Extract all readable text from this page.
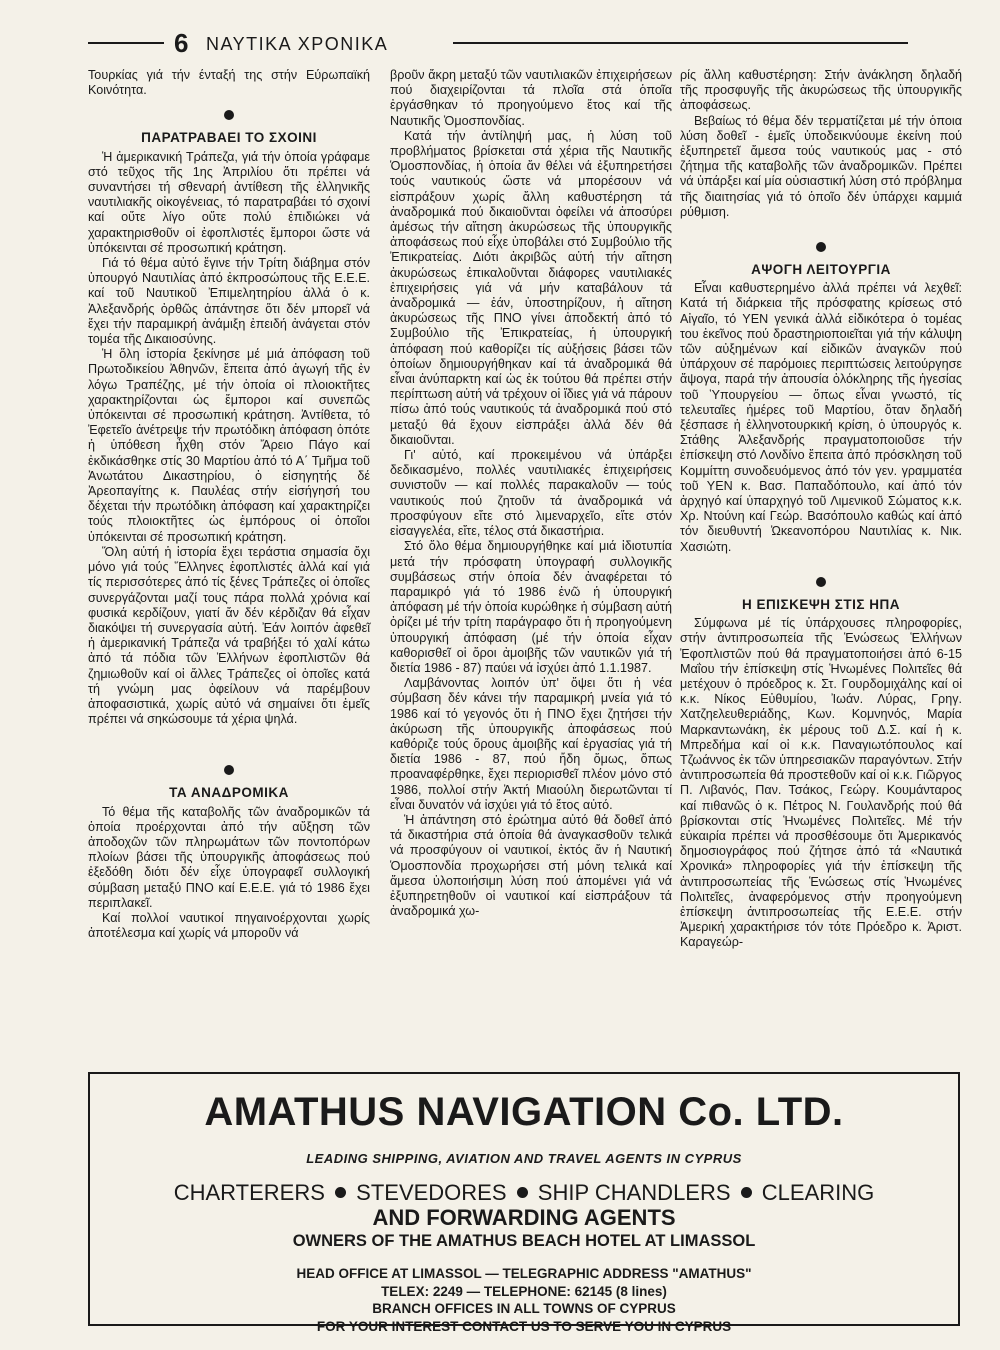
6 ΝΑΥΤΙΚΑ ΧΡΟΝΙΚΑ

Τουρκίας γιά τήν ένταξή της στήν Εύρωπαϊκή Κοινότητα.

ΠΑΡΑΤΡΑΒΑΕΙ ΤΟ ΣΧΟΙΝΙ

Ἡ ἀμερικανική Τράπεζα, γιά τήν ὁποία γράφαμε στό τεῦχος τῆς 1ης Ἀπριλίου ὅτι πρέπει νά συναντήσει τή σθεναρή ἀντίθεση τῆς ἑλληνικῆς ναυτιλιακῆς οἰκογένειας, τό παρατραβάει τό σχοινί καί οὔτε λίγο οὔτε πολύ ἐπιδιώκει νά χαρακτηρισθοῦν οἱ ἐφοπλιστές ἔμποροι ὥστε νά ὑπόκεινται σέ προσωπική κράτηση.

Γιά τό θέμα αὐτό ἔγινε τήν Τρίτη διάβημα στόν ὑπουργό Ναυτιλίας ἀπό ἐκπροσώπους τῆς Ε.Ε.Ε. καί τοῦ Ναυτικοῦ Ἐπιμελητηρίου ἀλλά ὁ κ. Ἀλεξανδρής ὀρθῶς ἀπάντησε ὅτι δέν μπορεῖ νά ἔχει τήν παραμικρή ἀνάμιξη ἐπειδή ἀνάγεται στόν τομέα τῆς Δικαιοσύνης.

Ἡ ὅλη ἱστορία ξεκίνησε μέ μιά ἀπόφαση τοῦ Πρωτοδικείου Ἀθηνῶν, ἔπειτα ἀπό ἀγωγή τῆς ἐν λόγω Τραπέζης, μέ τήν ὁποία οἱ πλοιοκτῆτες χαρακτηρίζονται ὡς ἔμποροι καί συνεπῶς ὑπόκεινται σέ προσωπική κράτηση. Ἀντίθετα, τό Ἐφετεῖο ἀνέτρεψε τήν πρωτόδικη ἀπόφαση ὁπότε ἡ ὑπόθεση ἦχθη στόν Ἄρειο Πάγο καί ἐκδικάσθηκε στίς 30 Μαρτίου ἀπό τό Α΄ Τμῆμα τοῦ Ἀνωτάτου Δικαστηρίου, ὁ εἰσηγητής δέ Ἀρεοπαγίτης κ. Παυλέας στήν εἰσήγησή του δέχεται τήν πρωτόδικη ἀπόφαση καί χαρακτηρίζει τούς πλοιοκτῆτες ὡς ἐμπόρους οἱ ὁποῖοι ὑπόκεινται σέ προσωπική κράτηση.

Ὅλη αὐτή ἡ ἱστορία ἔχει τεράστια σημασία ὄχι μόνο γιά τούς Ἕλληνες ἐφοπλιστές ἀλλά καί γιά τίς περισσότερες ἀπό τίς ξένες Τράπεζες οἱ ὁποῖες συνεργάζονται μαζί τους πάρα πολλά χρόνια καί φυσικά κερδίζουν, γιατί ἄν δέν κέρδιζαν θά εἶχαν διακόψει τή συνεργασία αὐτή. Ἐάν λοιπόν ἀφεθεῖ ἡ ἀμερικανική Τράπεζα νά τραβήξει τό χαλί κάτω ἀπό τά πόδια τῶν Ἑλλήνων ἐφοπλιστῶν θά ζημιωθοῦν καί οἱ ἄλλες Τράπεζες οἱ ὁποῖες κατά τή γνώμη μας ὀφείλουν νά παρέμβουν ἀποφασιστικά, χωρίς αὐτό νά σημαίνει ὅτι ἐμεῖς πρέπει νά σηκώσουμε τά χέρια ψηλά.

ΤΑ ΑΝΑΔΡΟΜΙΚΑ

Τό θέμα τῆς καταβολῆς τῶν ἀναδρομικῶν τά ὁποία προέρχονται ἀπό τήν αὔξηση τῶν ἀποδοχῶν τῶν πληρωμάτων τῶν ποντοπόρων πλοίων βάσει τῆς ὑπουργικῆς ἀποφάσεως πού ἐξεδόθη διότι δέν εἶχε ὑπογραφεῖ συλλογική σύμβαση μεταξύ ΠΝΟ καί Ε.Ε.Ε. γιά τό 1986 ἔχει περιπλακεῖ.

Καί πολλοί ναυτικοί πηγαινοέρχονται χωρίς ἀποτέλεσμα καί χωρίς νά μποροῦν νά

βροῦν ἄκρη μεταξύ τῶν ναυτιλιακῶν ἐπιχειρήσεων πού διαχειρίζονται τά πλοῖα στά ὁποῖα ἐργάσθηκαν τό προηγούμενο ἔτος καί τῆς Ναυτικῆς Ὁμοσπονδίας.

Κατά τήν ἀντίληψή μας, ἡ λύση τοῦ προβλήματος βρίσκεται στά χέρια τῆς Ναυτικῆς Ὁμοσπονδίας, ἡ ὁποία ἄν θέλει νά ἐξυπηρετήσει τούς ναυτικούς ὥστε νά μπορέσουν νά εἰσπράξουν χωρίς ἄλλη καθυστέρηση τά ἀναδρομικά πού δικαιοῦνται ὀφείλει νά ἀποσύρει ἀμέσως τήν αἴτηση ἀκυρώσεως τῆς ὑπουργικῆς ἀποφάσεως πού εἶχε ὑποβάλει στό Συμβούλιο τῆς Ἐπικρατείας. Διότι ἀκριβῶς αὐτή τήν αἴτηση ἀκυρώσεως ἐπικαλοῦνται διάφορες ναυτιλιακές ἐπιχειρήσεις γιά νά μήν καταβάλουν τά ἀναδρομικά — ἐάν, ὑποστηρίζουν, ἡ αἴτηση ἀκυρώσεως τῆς ΠΝΟ γίνει ἀποδεκτή ἀπό τό Συμβούλιο τῆς Ἐπικρατείας, ἡ ὑπουργική ἀπόφαση πού καθορίζει τίς αὐξήσεις βάσει τῶν ὁποίων δημιουργήθηκαν καί τά ἀναδρομικά θά εἶναι ἀνύπαρκτη καί ὡς ἐκ τούτου θά πρέπει στήν περίπτωση αὐτή νά τρέχουν οἱ ἴδιες γιά νά πάρουν πίσω ἀπό τούς ναυτικούς τά ἀναδρομικά πού στό μεταξύ θά ἔχουν εἰσπράξει ἀλλά δέν θά δικαιοῦνται.

Γι' αὐτό, καί προκειμένου νά ὑπάρξει δεδικασμένο, πολλές ναυτιλιακές ἐπιχειρήσεις συνιστοῦν — καί πολλές παρακαλοῦν — τούς ναυτικούς πού ζητοῦν τά ἀναδρομικά νά προσφύγουν εἴτε στό λιμεναρχεῖο, εἴτε στόν εἰσαγγελέα, εἴτε, τέλος στά δικαστήρια.

Στό ὅλο θέμα δημιουργήθηκε καί μιά ἰδιοτυπία μετά τήν πρόσφατη ὑπογραφή συλλογικῆς συμβάσεως στήν ὁποία δέν ἀναφέρεται τό παραμικρό γιά τό 1986 ἐνῶ ἡ ὑπουργική ἀπόφαση μέ τήν ὁποία κυρώθηκε ἡ σύμβαση αὐτή ὁρίζει μέ τήν τρίτη παράγραφο ὅτι ἡ προηγούμενη ὑπουργική ἀπόφαση (μέ τήν ὁποία εἶχαν καθορισθεῖ οἱ ὅροι ἀμοιβῆς τῶν ναυτικῶν γιά τή διετία 1986 - 87) παύει νά ἰσχύει ἀπό 1.1.1987.

Λαμβάνοντας λοιπόν ὑπ' ὄψει ὅτι ἡ νέα σύμβαση δέν κάνει τήν παραμικρή μνεία γιά τό 1986 καί τό γεγονός ὅτι ἡ ΠΝΟ ἔχει ζητήσει τήν ἀκύρωση τῆς ὑπουργικῆς ἀποφάσεως πού καθόριζε τούς ὅρους ἀμοιβῆς καί ἐργασίας γιά τή διετία 1986 - 87, πού ἤδη ὅμως, ὅπως προαναφέρθηκε, ἔχει περιορισθεῖ πλέον μόνο στό 1986, πολλοί στήν Ἀκτή Μιαούλη διερωτῶνται τί εἶναι δυνατόν νά ἰσχύει γιά τό ἔτος αὐτό.

Ἡ ἀπάντηση στό ἐρώτημα αὐτό θά δοθεῖ ἀπό τά δικαστήρια στά ὁποία θά ἀναγκασθοῦν τελικά νά προσφύγουν οἱ ναυτικοί, ἐκτός ἄν ἡ Ναυτική Ὁμοσπονδία προχωρήσει στή μόνη τελικά καί ἄμεσα ὑλοποιήσιμη λύση πού ἀπομένει γιά νά ἐξυπηρετηθοῦν οἱ ναυτικοί καί εἰσπράξουν τά ἀναδρομικά χω-

ρίς ἄλλη καθυστέρηση: Στήν ἀνάκληση δηλαδή τῆς προσφυγῆς τῆς ἀκυρώσεως τῆς ὑπουργικῆς ἀποφάσεως.

Βεβαίως τό θέμα δέν τερματίζεται μέ τήν ὁποια λύση δοθεῖ - ἐμεῖς ὑποδεικνύουμε ἐκείνη πού ἐξυπηρετεῖ ἄμεσα τούς ναυτικούς μας - στό ζήτημα τῆς καταβολῆς τῶν ἀναδρομικῶν. Πρέπει νά ὑπάρξει καί μία οὐσιαστική λύση στό πρόβλημα τῆς διαιτησίας γιά τό ὁποῖο δέν ὑπάρχει καμμιά ρύθμιση.

ΑΨΟΓΗ ΛΕΙΤΟΥΡΓΙΑ

Εἶναι καθυστερημένο ἀλλά πρέπει νά λεχθεῖ: Κατά τή διάρκεια τῆς πρόσφατης κρίσεως στό Αἰγαῖο, τό ΥΕΝ γενικά ἀλλά εἰδικότερα ὁ τομέας του ἐκεῖνος πού δραστηριοποιεῖται γιά τήν κάλυψη τῶν αὐξημένων καί εἰδικῶν ἀναγκῶν πού ὑπάρχουν σέ παρόμοιες περιπτώσεις λειτούργησε ἄψογα, παρά τήν ἀπουσία ὁλόκληρης τῆς ἡγεσίας τοῦ Ὑπουργείου — ὅπως εἶναι γνωστό, τίς τελευταῖες ἡμέρες τοῦ Μαρτίου, ὅταν δηλαδή ξέσπασε ἡ ἑλληνοτουρκική κρίση, ὁ ὑπουργός κ. Στάθης Ἀλεξανδρής πραγματοποιοῦσε τήν ἐπίσκεψη στό Λονδίνο ἔπειτα ἀπό πρόσκληση τοῦ Κομμίττη συνοδευόμενος ἀπό τόν γεν. γραμματέα τοῦ ΥΕΝ κ. Βασ. Παπαδόπουλο, καί ἀπό τόν ἀρχηγό καί ὑπαρχηγό τοῦ Λιμενικοῦ Σώματος κ.κ. Χρ. Ντούνη καί Γεώρ. Βασόπουλο καθώς καί ἀπό τόν διευθυντή Ὠκεανοπόρου Ναυτιλίας κ. Νικ. Χασιώτη.

Η ΕΠΙΣΚΕΨΗ ΣΤΙΣ ΗΠΑ

Σύμφωνα μέ τίς ὑπάρχουσες πληροφορίες, στήν ἀντιπροσωπεία τῆς Ἑνώσεως Ἑλλήνων Ἐφοπλιστῶν πού θά πραγματοποιήσει ἀπό 6-15 Μαΐου τήν ἐπίσκεψη στίς Ἡνωμένες Πολιτεῖες θά μετέχουν ὁ πρόεδρος κ. Στ. Γουρδομιχάλης καί οἱ κ.κ. Νίκος Εὐθυμίου, Ἰωάν. Λύρας, Γρηγ. Χατζηελευθεριάδης, Κων. Κομνηνός, Μαρία Μαρκαντωνάκη, ἐκ μέρους τοῦ Δ.Σ. καί ἡ κ. Μπρεδήμα καί οἱ κ.κ. Παναγιωτόπουλος καί Τζωάννος ἐκ τῶν ὑπηρεσιακῶν παραγόντων. Στήν ἀντιπροσωπεία θά προστεθοῦν καί οἱ κ.κ. Γιῶργος Π. Λιβανός, Παν. Τσάκος, Γεώργ. Κουμάνταρος καί πιθανῶς ὁ κ. Πέτρος Ν. Γουλανδρής πού θά βρίσκονται στίς Ἡνωμένες Πολιτεῖες. Μέ τήν εὐκαιρία πρέπει νά προσθέσουμε ὅτι Ἀμερικανός δημοσιογράφος πού ζήτησε ἀπό τά «Ναυτικά Χρονικά» πληροφορίες γιά τήν ἐπίσκεψη τῆς ἀντιπροσωπείας τῆς Ἑνώσεως στίς Ἡνωμένες Πολιτεῖες, ἀναφερόμενος στήν προηγούμενη ἐπίσκεψη ἀντιπροσωπείας τῆς Ε.Ε.Ε. στήν Ἀμερική χαρακτήρισε τόν τότε Πρόεδρο κ. Ἀριστ. Καραγεώρ-

AMATHUS NAVIGATION Co. LTD.
LEADING SHIPPING, AVIATION AND TRAVEL AGENTS IN CYPRUS
CHARTERERS STEVEDORES SHIP CHANDLERS CLEARING
AND FORWARDING AGENTS
OWNERS OF THE AMATHUS BEACH HOTEL AT LIMASSOL
HEAD OFFICE AT LIMASSOL — TELEGRAPHIC ADDRESS "AMATHUS"
TELEX: 2249 — TELEPHONE: 62145 (8 lines)
BRANCH OFFICES IN ALL TOWNS OF CYPRUS
FOR YOUR INTEREST CONTACT US TO SERVE YOU IN CYPRUS
